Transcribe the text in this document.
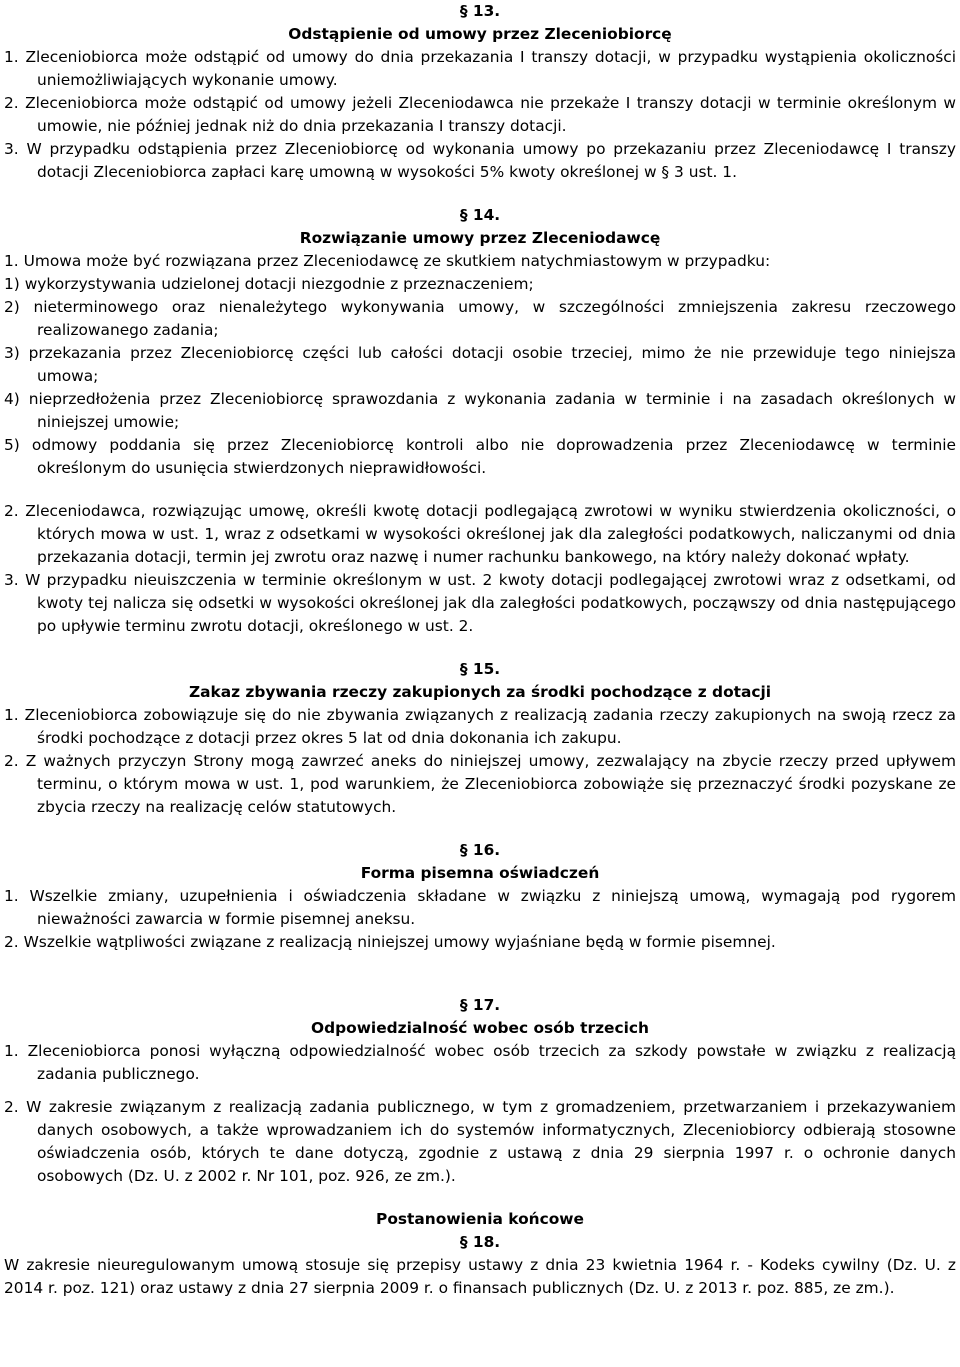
§ 13.
Odstąpienie od umowy przez Zleceniobiorcę
1. Zleceniobiorca może odstąpić od umowy do dnia przekazania I transzy dotacji, w przypadku wystąpienia okoliczności uniemożliwiających wykonanie umowy.
2. Zleceniobiorca może odstąpić od umowy jeżeli Zleceniodawca nie przekaże I transzy dotacji w terminie określonym w umowie, nie później jednak niż do dnia przekazania I transzy dotacji.
3. W przypadku odstąpienia przez Zleceniobiorcę od wykonania umowy po przekazaniu przez Zleceniodawcę I transzy dotacji Zleceniobiorca zapłaci karę umowną w wysokości 5% kwoty określonej w § 3 ust. 1.
§ 14.
Rozwiązanie umowy przez Zleceniodawcę
1. Umowa może być rozwiązana przez Zleceniodawcę ze skutkiem natychmiastowym w przypadku:
1) wykorzystywania udzielonej dotacji niezgodnie z przeznaczeniem;
2) nieterminowego oraz nienależytego wykonywania umowy, w szczególności zmniejszenia zakresu rzeczowego realizowanego zadania;
3) przekazania przez Zleceniobiorcę części lub całości dotacji osobie trzeciej, mimo że nie przewiduje tego niniejsza umowa;
4) nieprzedłożenia przez Zleceniobiorcę sprawozdania z wykonania zadania w terminie i na zasadach określonych w niniejszej umowie;
5) odmowy poddania się przez Zleceniobiorcę kontroli albo nie doprowadzenia przez Zleceniodawcę w terminie określonym do usunięcia stwierdzonych nieprawidłowości.
2. Zleceniodawca, rozwiązując umowę, określi kwotę dotacji podlegającą zwrotowi w wyniku stwierdzenia okoliczności, o których mowa w ust. 1, wraz z odsetkami w wysokości określonej jak dla zaległości podatkowych, naliczanymi od dnia przekazania dotacji, termin jej zwrotu oraz nazwę i numer rachunku bankowego, na który należy dokonać wpłaty.
3. W przypadku nieuiszczenia w terminie określonym w ust. 2 kwoty dotacji podlegającej zwrotowi wraz z odsetkami, od kwoty tej nalicza się odsetki w wysokości określonej jak dla zaległości podatkowych, począwszy od dnia następującego po upływie terminu zwrotu dotacji, określonego w ust. 2.
§ 15.
Zakaz zbywania rzeczy zakupionych za środki pochodzące z dotacji
1. Zleceniobiorca zobowiązuje się do nie zbywania związanych z realizacją zadania rzeczy zakupionych na swoją rzecz za środki pochodzące z dotacji przez okres 5 lat od dnia dokonania ich zakupu.
2. Z ważnych przyczyn Strony mogą zawrzeć aneks do niniejszej umowy, zezwalający na zbycie rzeczy przed upływem terminu, o którym mowa w ust. 1, pod warunkiem, że Zleceniobiorca zobowiąże się przeznaczyć środki pozyskane ze zbycia rzeczy na realizację celów statutowych.
§ 16.
Forma pisemna oświadczeń
1. Wszelkie zmiany, uzupełnienia i oświadczenia składane w związku z niniejszą umową, wymagają pod rygorem nieważności zawarcia w formie pisemnej aneksu.
2. Wszelkie wątpliwości związane z realizacją niniejszej umowy wyjaśniane będą w formie pisemnej.
§ 17.
Odpowiedzialność wobec osób trzecich
1. Zleceniobiorca ponosi wyłączną odpowiedzialność wobec osób trzecich za szkody powstałe w związku z realizacją zadania publicznego.
2. W zakresie związanym z realizacją zadania publicznego, w tym z gromadzeniem, przetwarzaniem i przekazywaniem danych osobowych, a także wprowadzaniem ich do systemów informatycznych, Zleceniobiorcy odbierają stosowne oświadczenia osób, których te dane dotyczą, zgodnie z ustawą z dnia 29 sierpnia 1997 r. o ochronie danych osobowych (Dz. U. z 2002 r. Nr 101, poz. 926, ze zm.).
Postanowienia końcowe
§ 18.
W zakresie nieuregulowanym umową stosuje się przepisy ustawy z dnia 23 kwietnia 1964 r. - Kodeks cywilny (Dz. U. z 2014 r. poz. 121) oraz ustawy z dnia 27 sierpnia 2009 r. o finansach publicznych (Dz. U. z 2013 r. poz. 885, ze zm.).
